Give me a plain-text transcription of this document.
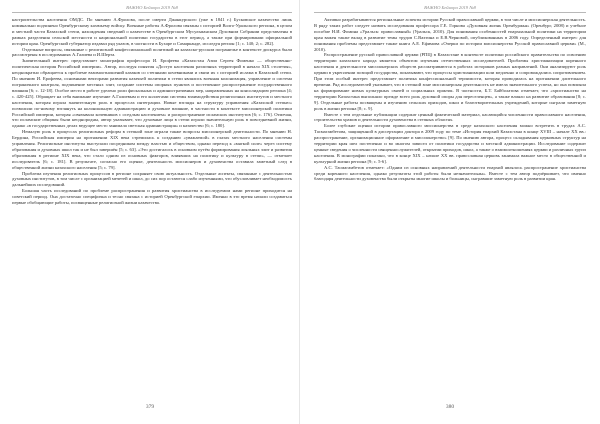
ВАЖНО Бейнора 2019 №8

настроительства населения ОМДС. По мнению А.Фролова, после смерти Джанкурского (уже в 1841 г.) Бусковское казачество лишь номинально подчинено Оренбургскому казачьему войску. Военные работы А.Фролова связаны с историей Волго-Уральского региона, в целом и местной части Казахской степи, нахождения сведений о казачестве в Оренбургском Мусульманском Духовном Собрании представлены в рамках разделения сельской местности и национальной политики государства в этот период, а также при формировании официальной истории края. Оренбургский губернатор издавал ряд указов, в частности в Бухаре и Самарканде, исследуя регион [1; с. 140; 2; с. 282].

Отдельные вопросы, связанные с религиозной конфессиональной политикой на казахско-русском пограничье в контексте дискурса были рассмотрены в исследованиях А.Галиева и И.Шерта.

Значительный интерес представляет монография профессора И. Ерофеева «Казахстан Азии Сергея Фоменко — общественно-политическая история Российской империи». Автор, исследуя понятия «Доступ населения различных территорий в начало XIX столетия», неоднократно обращается к проблеме взаимоотношений казаков со степными кочевниками и связи их с историей ислама в Казахской степи. По мнению И. Ерофеева, основными векторами развития казачьей политики в степи являлись военная колонизация, управление и система пограничного контроля, подчинение местных элит, создание системы опорных пунктов и постепенное распространение государственного влияния [6; с. 12-18]. Особое место в работе уделено роли фискальных и административных мер, направленных на консолидацию региона [4; с. 420-425]. Обращает на себя внимание изучение А.Галиевым и его коллегами системы взаимодействия религиозных институтов и местного населения, которая играла значительную роль в процессах интеграции. Новые взгляды на структуру управления «Казахской степью» позволили по-новому взглянуть на колониальную администрацию и духовное влияние, в частности в контексте миссионерской политики Российской империи, которая «связывала кочевников с оседлым населением» и распространение исламских институтов [6; с. 176]. Отмечая, что исламские общины были неоднородны, автор указывает, что духовные лица в степи играли значительную роль в повседневной жизни, однако «в государственных делах ведущее место занимала светская администрация» и казачество [6; с. 180].

Немалую роль в процессах религиозных реформ в степной зоне играли также вопросы миссионерской деятельности. По мнению Н. Бердина, Российская империя на протяжении XIX века стремилась к созданию «уважаемой» в глазах местного населения системы управления. Религиозные институты выступали посредником между властью и обществом, однако переход к «мягкой силе» через систему образования и духовных школ так и не был завершён [5; с. 63]. «Это достигалось в основном путём формирования лояльных элит и развития образования в регионе XIX века, что стало одним из основных факторов, влиявших на политику и культуру в степи», — отмечает исследователь [6; с. 181]. В результате, согласно его оценке, деятельность миссионеров и духовенства оставила заметный след в общественной жизни казахского населения [5; с. 79].

Проблема изучения религиозных процессов в регионе сохраняет свою актуальность. Отдельные аспекты, связанные с деятельностью духовных институтов, в том числе с организацией мечетей и школ, до сих пор остаются слабо изученными, что обусловливает необходимость дальнейших исследований.

Большая часть исследований по проблеме распространения и развития христианства в исследуемом нами регионе приходится на советский период. Она достаточно специфична и тесно связана с историей Оренбургской епархии. Именно в это время начали создаваться первые обобщающие работы, посвященные религиозной жизни казачества.

379
ВАЖНО Бейнора 2019 №8

Активно разрабатываются региональные аспекты истории Русской православной церкви, в том числе и миссионерская деятельность. В ряду таких работ следует назвать исследования профессора Г.Е. Горнова «Духовная жизнь Оренбуржья» (Оренбург, 2008) и учебное пособие Н.И. Фомина «Уральск: православный» (Уральск, 2010). Для понимания особенностей епархиальной политики на территории края важен также вклад в развитие темы трудов С.Вахтина и Е.В.Черновой, опубликованных в 2006 году. Определенный интерес для понимания проблемы представляет также книга А.Е. Ефимова «Очерки по истории миссионерства Русской православной церкви» (М., 2010).

Распространение русской православной церкви (РПЦ) в Казахстане в контексте политики российского правительства по освоению территории казахского народа является объектом изучения отечественных исследователей. Проблемы христианизации коренного населения и деятельности миссионерских обществ рассматриваются в работах историков разных направлений. Они анализируют роль церкви в укреплении позиций государства, показывают, что процессы христианизации шли медленно и сопровождались сопротивлением. При этом особый интерес представляет политика конфессиональной терпимости, которая проводилась на протяжении длительного времени. Ряд исследователей указывает, что в степной зоне миссионерская деятельность не имела значительного успеха, но она повлияла на формирование новых культурных связей и социальных практик. В частности, Б.Т. Байболатова отмечает, что «христианство на территории Казахстана выполняло прежде всего роль духовной опоры для переселенцев», а также влияло на развитие образования [8; с. 9]. Отдельные работы посвящены и изучению сельских приходов, школ и благотворительных учреждений, которые сыграли заметную роль в жизни региона [8; с. 9].

Вместе с тем отдельные публикации содержат ценный фактический материал, касающийся численности православного населения, строительства храмов и деятельности духовенства в степных областях.

Более глубокие оценки истории православного миссионерства в среде казахского населения можно встретить в трудах А.С. Тасмагамбетова, защищенной в диссертации доктора в 2009 году по теме «История епархий Казахстана в конце XVIII – начале XX вв.: распространение, организационное оформление и миссионерство» [9]. По мнению автора, процесс складывания церковных структур на территории края шел постепенно и во многом зависел от политики государства и местной администрации. Исследование содержит ценные сведения о численности священнослужителей, открытии приходов, школ, а также о взаимоотношениях церкви и различных групп населения. В монографии показано, что в конце XIX – начале XX вв. православная церковь занимала важное место в общественной и культурной жизни региона [9; с. 5-6].

А.С. Тасмагамбетов отмечает: «Одним из основных направлений деятельности епархий являлось распространение христианства среди коренного населения, однако результаты этой работы были незначительны». Вместе с тем автор подчёркивает, что именно благодаря деятельности духовенства были открыты многие школы и больницы, сыгравшие заметную роль в развитии края.

380
